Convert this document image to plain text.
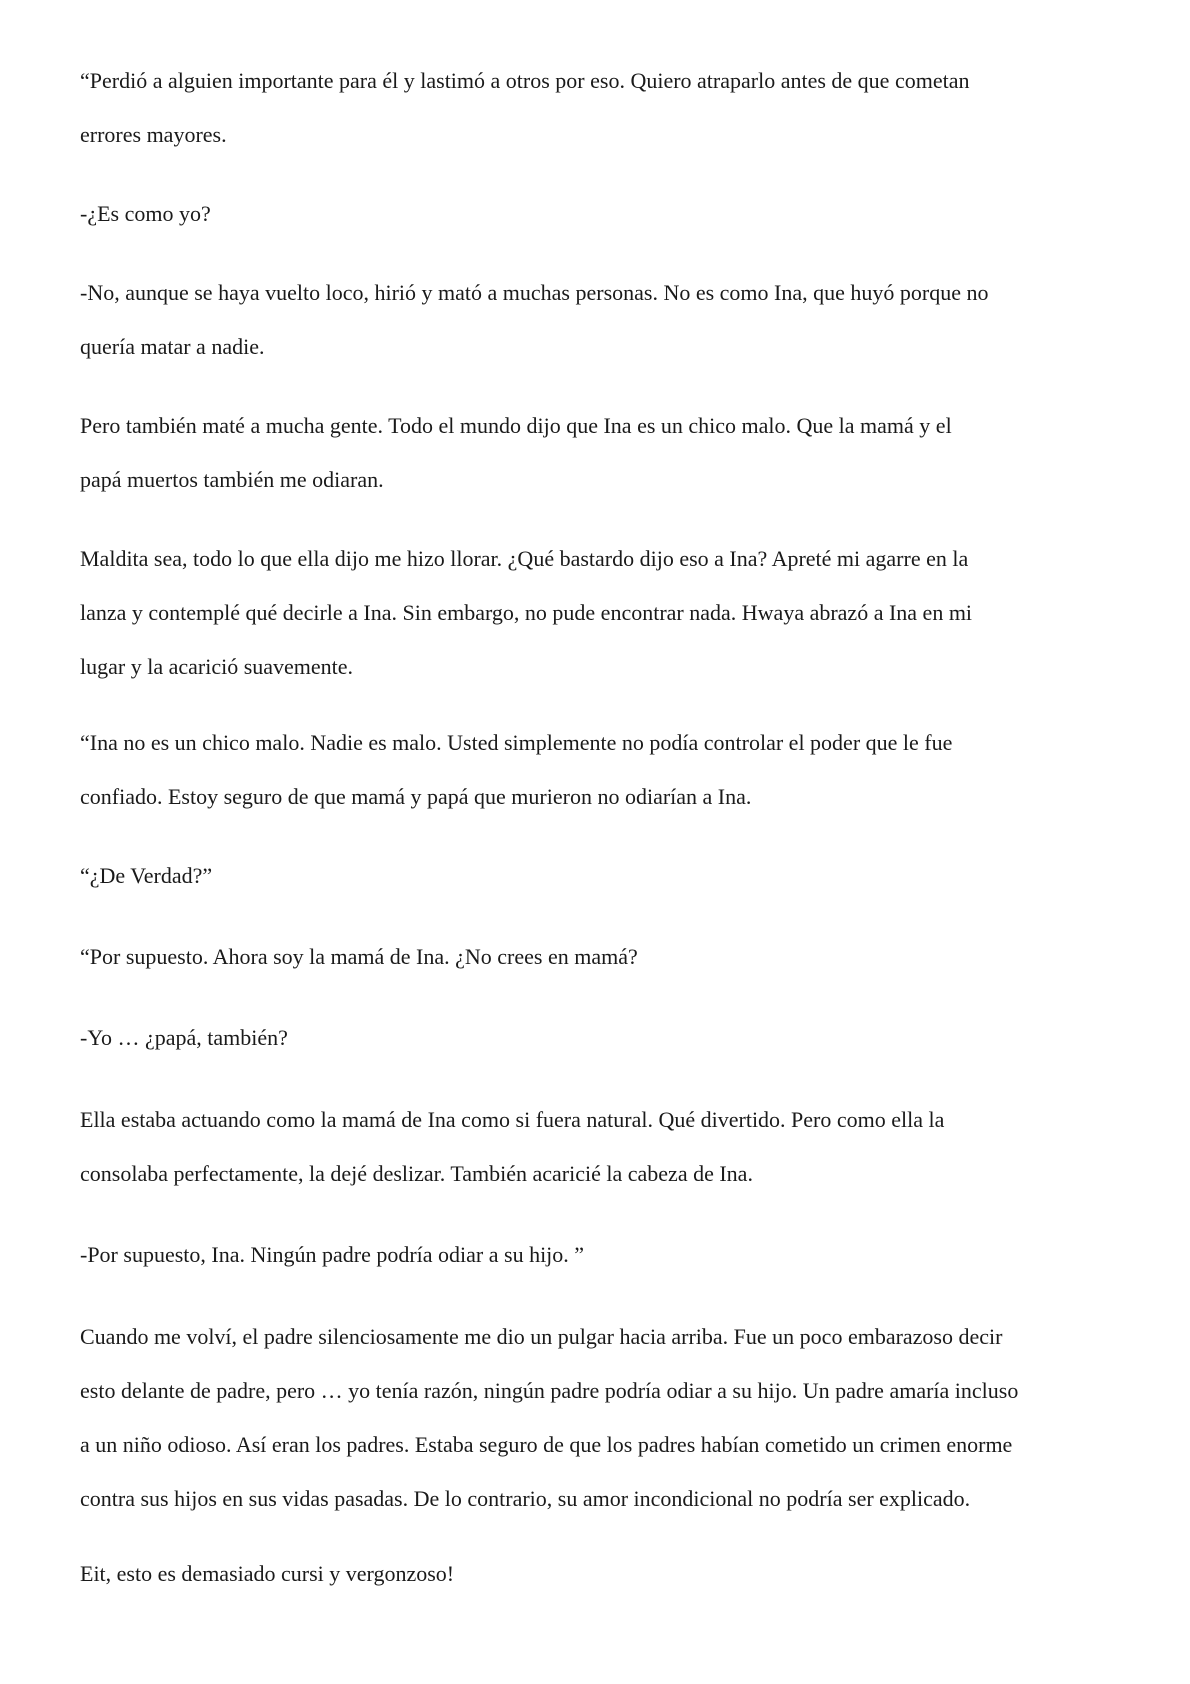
“Perdió a alguien importante para él y lastimó a otros por eso. Quiero atraparlo antes de que cometan
errores mayores.

-¿Es como yo?

-No, aunque se haya vuelto loco, hirió y mató a muchas personas. No es como Ina, que huyó porque no
quería matar a nadie.

Pero también maté a mucha gente. Todo el mundo dijo que Ina es un chico malo. Que la mamá y el
papá muertos también me odiaran.

Maldita sea, todo lo que ella dijo me hizo llorar. ¿Qué bastardo dijo eso a Ina? Apreté mi agarre en la
lanza y contemplé qué decirle a Ina. Sin embargo, no pude encontrar nada. Hwaya abrazó a Ina en mi
lugar y la acarició suavemente.

“Ina no es un chico malo. Nadie es malo. Usted simplemente no podía controlar el poder que le fue
confiado. Estoy seguro de que mamá y papá que murieron no odiarían a Ina.

“¿De Verdad?”

“Por supuesto. Ahora soy la mamá de Ina. ¿No crees en mamá?

-Yo … ¿papá, también?

Ella estaba actuando como la mamá de Ina como si fuera natural. Qué divertido. Pero como ella la
consolaba perfectamente, la dejé deslizar. También acaricié la cabeza de Ina.

-Por supuesto, Ina. Ningún padre podría odiar a su hijo. ”

Cuando me volví, el padre silenciosamente me dio un pulgar hacia arriba. Fue un poco embarazoso decir
esto delante de padre, pero … yo tenía razón, ningún padre podría odiar a su hijo. Un padre amaría incluso
a un niño odioso. Así eran los padres. Estaba seguro de que los padres habían cometido un crimen enorme
contra sus hijos en sus vidas pasadas. De lo contrario, su amor incondicional no podría ser explicado.

Eit, esto es demasiado cursi y vergonzoso!
